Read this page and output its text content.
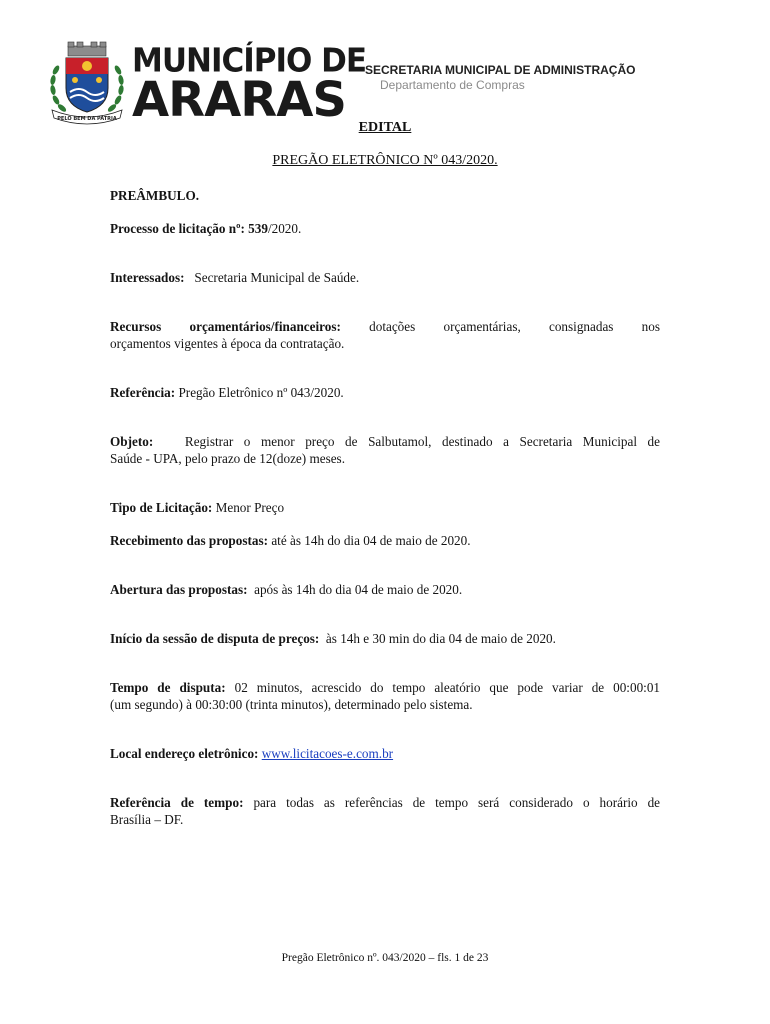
PELO BEM DA PÁTRIA
MUNICÍPIO DE
ARARAS
SECRETARIA MUNICIPAL DE ADMINISTRAÇÃO
Departamento de Compras
EDITAL
PREGÃO ELETRÔNICO Nº 043/2020.
PREÂMBULO.
Processo de licitação nº: 539/2020.
Interessados: Secretaria Municipal de Saúde.
Recursos orçamentários/financeiros: dotações orçamentárias, consignadas nos
orçamentos vigentes à época da contratação.
Referência: Pregão Eletrônico nº 043/2020.
Objeto: Registrar o menor preço de Salbutamol, destinado a Secretaria Municipal de
Saúde - UPA, pelo prazo de 12(doze) meses.
Tipo de Licitação: Menor Preço
Recebimento das propostas: até às 14h do dia 04 de maio de 2020.
Abertura das propostas: após às 14h do dia 04 de maio de 2020.
Início da sessão de disputa de preços: às 14h e 30 min do dia 04 de maio de 2020.
Tempo de disputa: 02 minutos, acrescido do tempo aleatório que pode variar de 00:00:01
(um segundo) à 00:30:00 (trinta minutos), determinado pelo sistema.
Local endereço eletrônico: www.licitacoes-e.com.br
Referência de tempo: para todas as referências de tempo será considerado o horário de
Brasília – DF.
Pregão Eletrônico nº. 043/2020 – fls. 1 de 23
